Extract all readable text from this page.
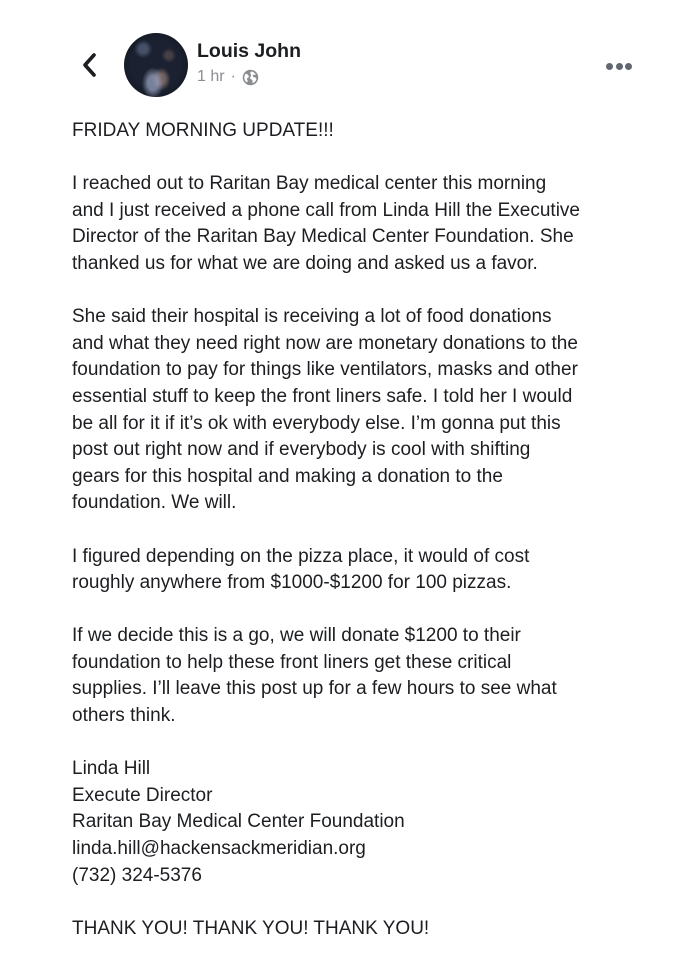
Louis John
1 hr ·

FRIDAY MORNING UPDATE!!!

I reached out to Raritan Bay medical center this morning
and I just received a phone call from Linda Hill the Executive
Director of the Raritan Bay Medical Center Foundation. She
thanked us for what we are doing and asked us a favor.

She said their hospital is receiving a lot of food donations
and what they need right now are monetary donations to the
foundation to pay for things like ventilators, masks and other
essential stuff to keep the front liners safe. I told her I would
be all for it if it’s ok with everybody else. I’m gonna put this
post out right now and if everybody is cool with shifting
gears for this hospital and making a donation to the
foundation. We will.

I figured depending on the pizza place, it would of cost
roughly anywhere from $1000-$1200 for 100 pizzas.

If we decide this is a go, we will donate $1200 to their
foundation to help these front liners get these critical
supplies. I’ll leave this post up for a few hours to see what
others think.

Linda Hill
Execute Director
Raritan Bay Medical Center Foundation
linda.hill@hackensackmeridian.org
(732) 324-5376

THANK YOU! THANK YOU! THANK YOU!
